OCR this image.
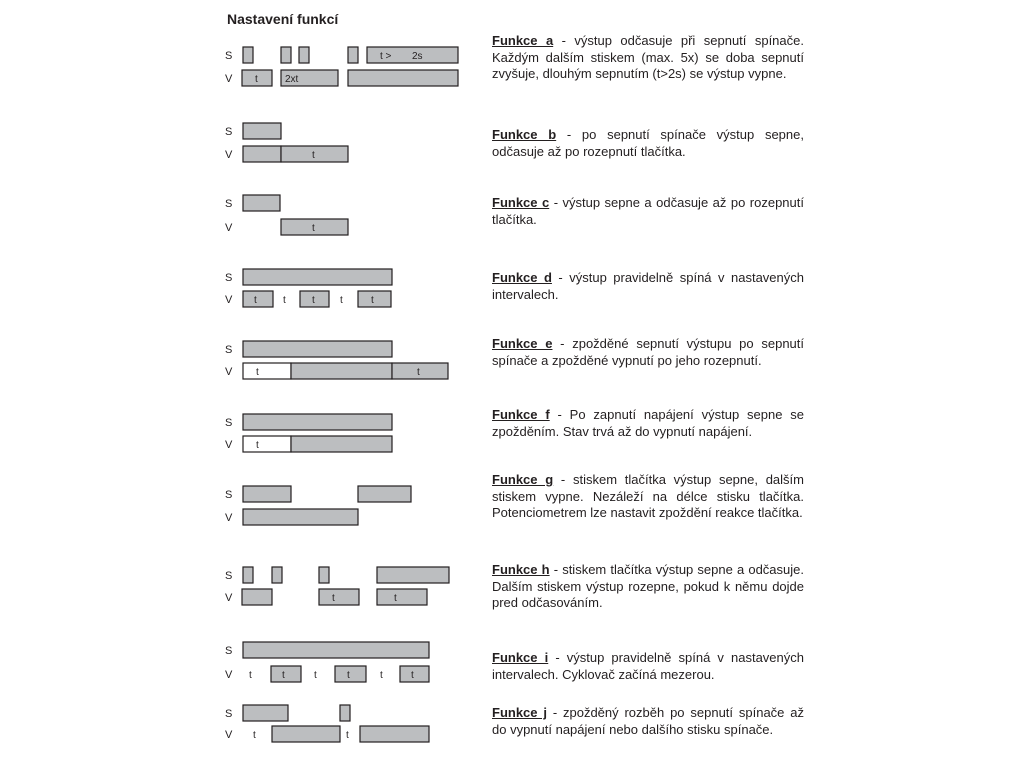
Nastavení funkcí
S
V t	2xt
t > 2s
S
V	t
S
V	t
S
V t	t	t	t	t
S
V t	t
S
V t
S
V
S
V	t	t
S
V t	t	t	t	t	t
S
V t	t

Funkce a - výstup odčasuje při sepnutí spínače. Každým dalším stiskem (max. 5x) se doba sepnutí zvyšuje, dlouhým sepnutím (t>2s) se výstup vypne.

Funkce b - po sepnutí spínače výstup sepne, odčasuje až po rozepnutí tlačítka.

Funkce c - výstup sepne a odčasuje až po rozepnutí tlačítka.

Funkce d - výstup pravidelně spíná v nastavených intervalech.

Funkce e - zpožděné sepnutí výstupu po sepnutí spínače a zpožděné vypnutí po jeho rozepnutí.

Funkce f - Po zapnutí napájení výstup sepne se zpožděním. Stav trvá až do vypnutí napájení.

Funkce g - stiskem tlačítka výstup sepne, dalším stiskem vypne. Nezáleží na délce stisku tlačítka. Potenciometrem lze nastavit zpoždění reakce tlačítka.

Funkce h - stiskem tlačítka výstup sepne a odčasuje. Dalším stiskem výstup rozepne, pokud k němu dojde pred odčasováním.

Funkce i - výstup pravidelně spíná v nastavených intervalech. Cyklovač začíná mezerou.

Funkce j - zpožděný rozběh po sepnutí spínače až do vypnutí napájení nebo dalšího stisku spínače.
